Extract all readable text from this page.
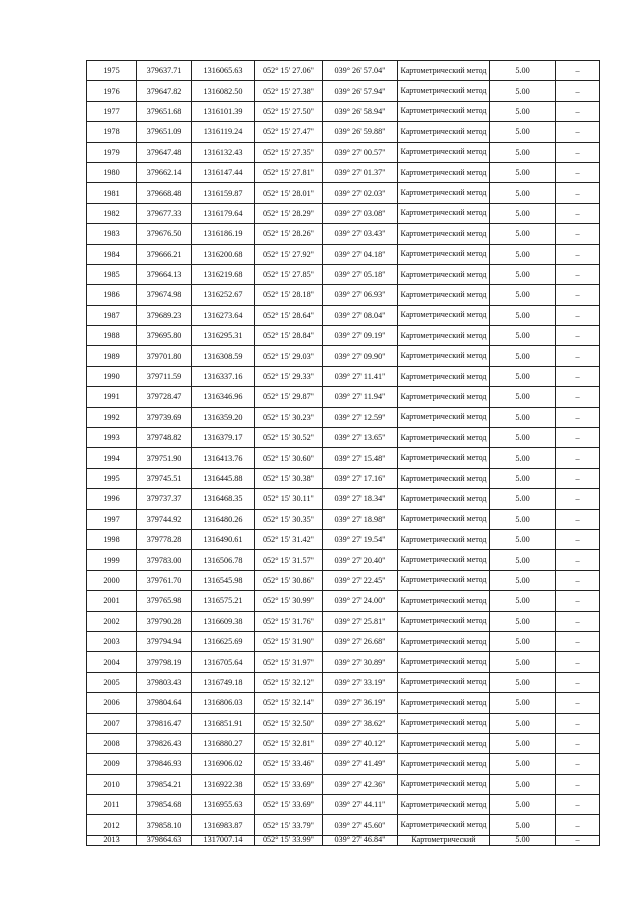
1975	379637.71	1316065.63	052° 15' 27.06"	039° 26' 57.04"	Картометрический метод	5.00	–
1976	379647.82	1316082.50	052° 15' 27.38"	039° 26' 57.94"	Картометрический метод	5.00	–
1977	379651.68	1316101.39	052° 15' 27.50"	039° 26' 58.94"	Картометрический метод	5.00	–
1978	379651.09	1316119.24	052° 15' 27.47"	039° 26' 59.88"	Картометрический метод	5.00	–
1979	379647.48	1316132.43	052° 15' 27.35"	039° 27' 00.57"	Картометрический метод	5.00	–
1980	379662.14	1316147.44	052° 15' 27.81"	039° 27' 01.37"	Картометрический метод	5.00	–
1981	379668.48	1316159.87	052° 15' 28.01"	039° 27' 02.03"	Картометрический метод	5.00	–
1982	379677.33	1316179.64	052° 15' 28.29"	039° 27' 03.08"	Картометрический метод	5.00	–
1983	379676.50	1316186.19	052° 15' 28.26"	039° 27' 03.43"	Картометрический метод	5.00	–
1984	379666.21	1316200.68	052° 15' 27.92"	039° 27' 04.18"	Картометрический метод	5.00	–
1985	379664.13	1316219.68	052° 15' 27.85"	039° 27' 05.18"	Картометрический метод	5.00	–
1986	379674.98	1316252.67	052° 15' 28.18"	039° 27' 06.93"	Картометрический метод	5.00	–
1987	379689.23	1316273.64	052° 15' 28.64"	039° 27' 08.04"	Картометрический метод	5.00	–
1988	379695.80	1316295.31	052° 15' 28.84"	039° 27' 09.19"	Картометрический метод	5.00	–
1989	379701.80	1316308.59	052° 15' 29.03"	039° 27' 09.90"	Картометрический метод	5.00	–
1990	379711.59	1316337.16	052° 15' 29.33"	039° 27' 11.41"	Картометрический метод	5.00	–
1991	379728.47	1316346.96	052° 15' 29.87"	039° 27' 11.94"	Картометрический метод	5.00	–
1992	379739.69	1316359.20	052° 15' 30.23"	039° 27' 12.59"	Картометрический метод	5.00	–
1993	379748.82	1316379.17	052° 15' 30.52"	039° 27' 13.65"	Картометрический метод	5.00	–
1994	379751.90	1316413.76	052° 15' 30.60"	039° 27' 15.48"	Картометрический метод	5.00	–
1995	379745.51	1316445.88	052° 15' 30.38"	039° 27' 17.16"	Картометрический метод	5.00	–
1996	379737.37	1316468.35	052° 15' 30.11"	039° 27' 18.34"	Картометрический метод	5.00	–
1997	379744.92	1316480.26	052° 15' 30.35"	039° 27' 18.98"	Картометрический метод	5.00	–
1998	379778.28	1316490.61	052° 15' 31.42"	039° 27' 19.54"	Картометрический метод	5.00	–
1999	379783.00	1316506.78	052° 15' 31.57"	039° 27' 20.40"	Картометрический метод	5.00	–
2000	379761.70	1316545.98	052° 15' 30.86"	039° 27' 22.45"	Картометрический метод	5.00	–
2001	379765.98	1316575.21	052° 15' 30.99"	039° 27' 24.00"	Картометрический метод	5.00	–
2002	379790.28	1316609.38	052° 15' 31.76"	039° 27' 25.81"	Картометрический метод	5.00	–
2003	379794.94	1316625.69	052° 15' 31.90"	039° 27' 26.68"	Картометрический метод	5.00	–
2004	379798.19	1316705.64	052° 15' 31.97"	039° 27' 30.89"	Картометрический метод	5.00	–
2005	379803.43	1316749.18	052° 15' 32.12"	039° 27' 33.19"	Картометрический метод	5.00	–
2006	379804.64	1316806.03	052° 15' 32.14"	039° 27' 36.19"	Картометрический метод	5.00	–
2007	379816.47	1316851.91	052° 15' 32.50"	039° 27' 38.62"	Картометрический метод	5.00	–
2008	379826.43	1316880.27	052° 15' 32.81"	039° 27' 40.12"	Картометрический метод	5.00	–
2009	379846.93	1316906.02	052° 15' 33.46"	039° 27' 41.49"	Картометрический метод	5.00	–
2010	379854.21	1316922.38	052° 15' 33.69"	039° 27' 42.36"	Картометрический метод	5.00	–
2011	379854.68	1316955.63	052° 15' 33.69"	039° 27' 44.11"	Картометрический метод	5.00	–
2012	379858.10	1316983.87	052° 15' 33.79"	039° 27' 45.60"	Картометрический метод	5.00	–
2013	379864.63	1317007.14	052° 15' 33.99"	039° 27' 46.84"	Картометрический	5.00	–
